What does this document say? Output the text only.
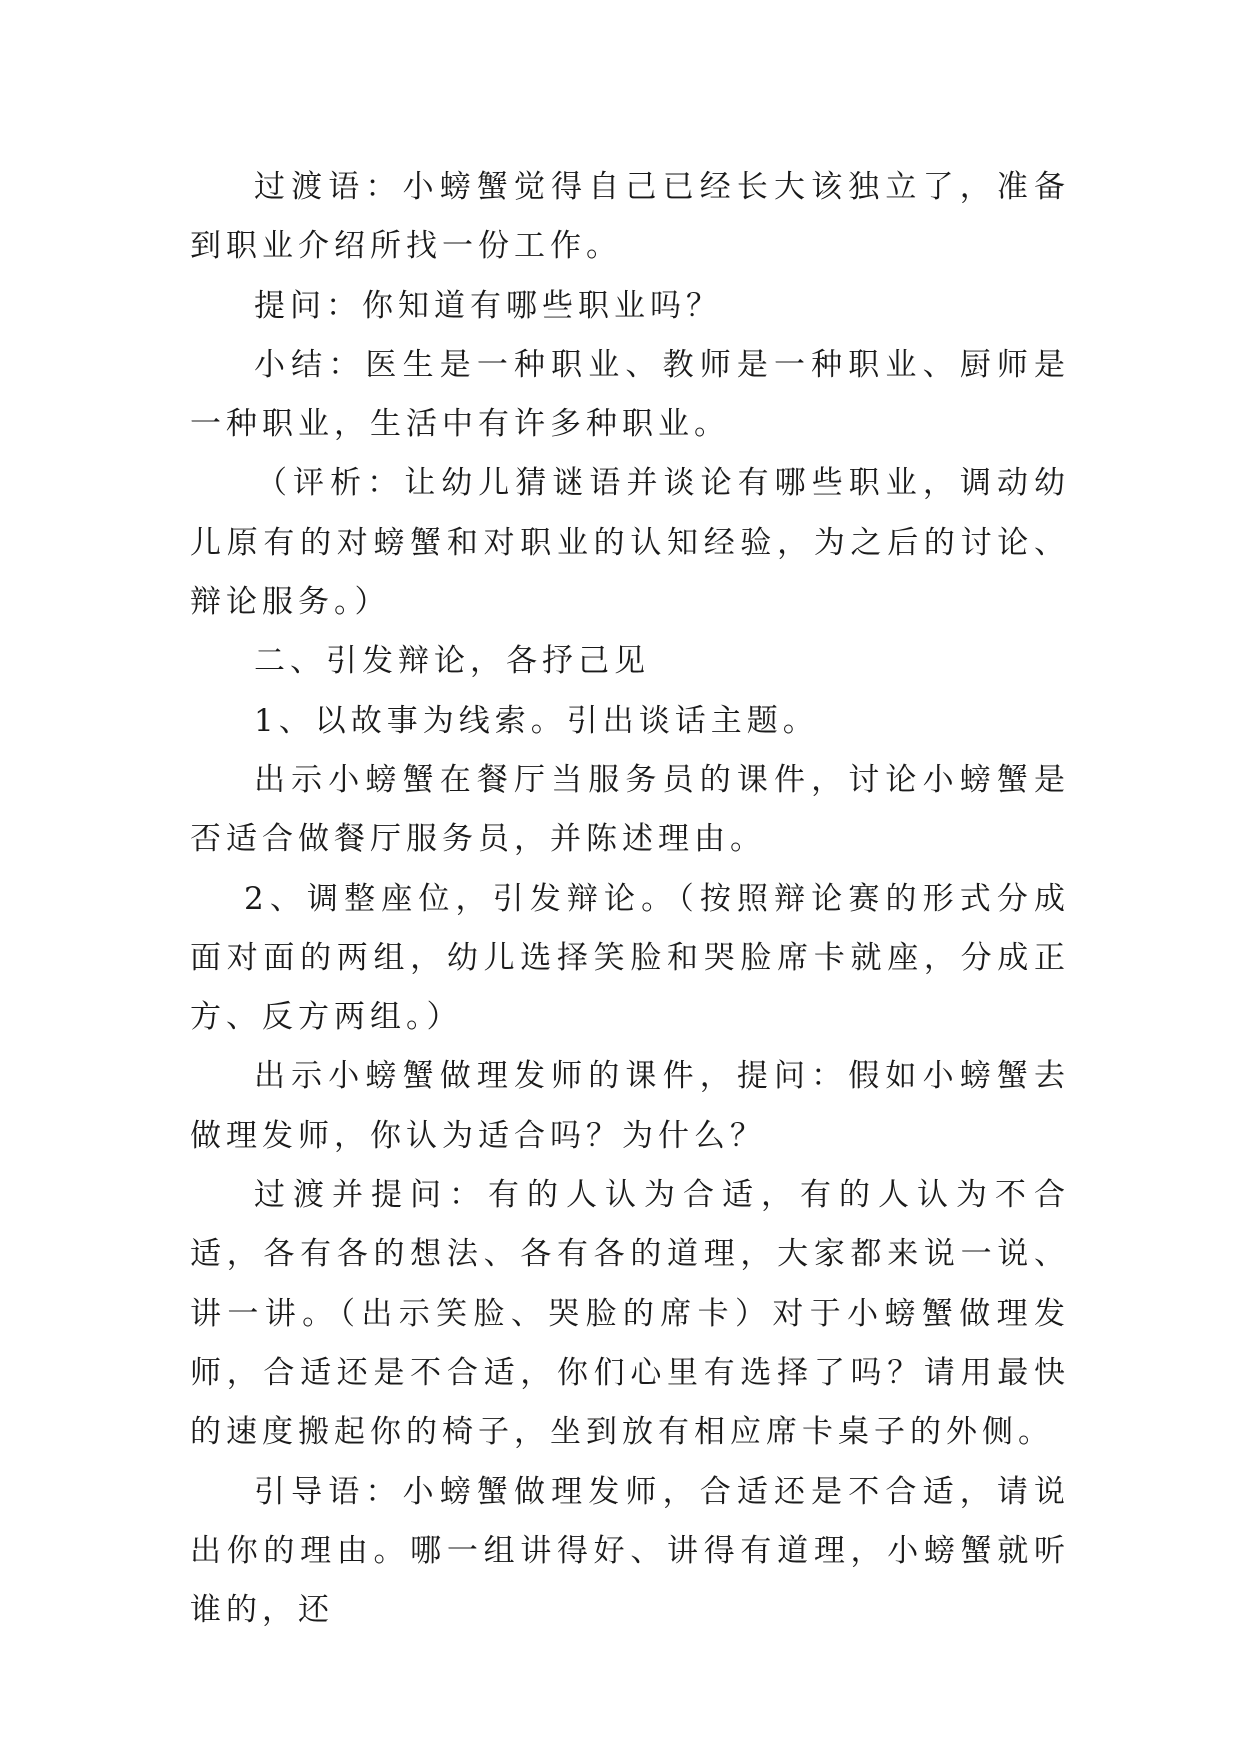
过渡语：小螃蟹觉得自己已经长大该独立了，准备到职业介绍所找一份工作。

提问：你知道有哪些职业吗？

小结：医生是一种职业、教师是一种职业、厨师是一种职业，生活中有许多种职业。

（评析：让幼儿猜谜语并谈论有哪些职业，调动幼儿原有的对螃蟹和对职业的认知经验，为之后的讨论、辩论服务。）

二、引发辩论，各抒己见

1、以故事为线索。引出谈话主题。

出示小螃蟹在餐厅当服务员的课件，讨论小螃蟹是否适合做餐厅服务员，并陈述理由。

2、调整座位，引发辩论。（按照辩论赛的形式分成面对面的两组，幼儿选择笑脸和哭脸席卡就座，分成正方、反方两组。）

出示小螃蟹做理发师的课件，提问：假如小螃蟹去做理发师，你认为适合吗？为什么？

过渡并提问：有的人认为合适，有的人认为不合适，各有各的想法、各有各的道理，大家都来说一说、讲一讲。（出示笑脸、哭脸的席卡）对于小螃蟹做理发师，合适还是不合适，你们心里有选择了吗？请用最快的速度搬起你的椅子，坐到放有相应席卡桌子的外侧。

引导语：小螃蟹做理发师，合适还是不合适，请说出你的理由。哪一组讲得好、讲得有道理，小螃蟹就听谁的，还
